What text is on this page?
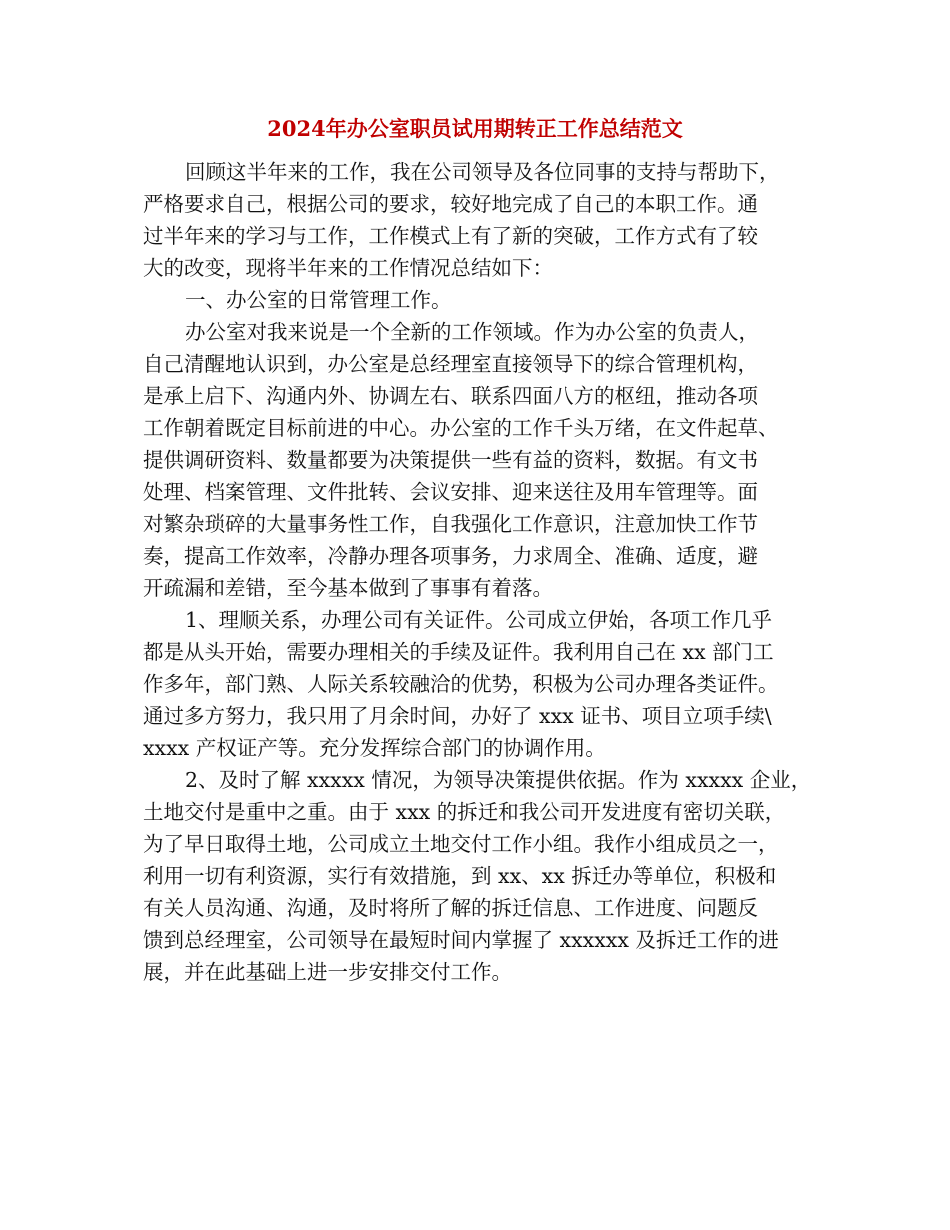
2024年办公室职员试用期转正工作总结范文
回顾这半年来的工作，我在公司领导及各位同事的支持与帮助下，
严格要求自己，根据公司的要求，较好地完成了自己的本职工作。通
过半年来的学习与工作，工作模式上有了新的突破，工作方式有了较
大的改变，现将半年来的工作情况总结如下：
一、办公室的日常管理工作。
办公室对我来说是一个全新的工作领域。作为办公室的负责人，
自己清醒地认识到，办公室是总经理室直接领导下的综合管理机构，
是承上启下、沟通内外、协调左右、联系四面八方的枢纽，推动各项
工作朝着既定目标前进的中心。办公室的工作千头万绪，在文件起草、
提供调研资料、数量都要为决策提供一些有益的资料，数据。有文书
处理、档案管理、文件批转、会议安排、迎来送往及用车管理等。面
对繁杂琐碎的大量事务性工作，自我强化工作意识，注意加快工作节
奏，提高工作效率，冷静办理各项事务，力求周全、准确、适度，避
开疏漏和差错，至今基本做到了事事有着落。
1、理顺关系，办理公司有关证件。公司成立伊始，各项工作几乎
都是从头开始，需要办理相关的手续及证件。我利用自己在 xx 部门工
作多年，部门熟、人际关系较融洽的优势，积极为公司办理各类证件。
通过多方努力，我只用了月余时间，办好了 xxx 证书、项目立项手续\
xxxx 产权证产等。充分发挥综合部门的协调作用。
2、及时了解 xxxxx 情况，为领导决策提供依据。作为 xxxxx 企业，
土地交付是重中之重。由于 xxx 的拆迁和我公司开发进度有密切关联，
为了早日取得土地，公司成立土地交付工作小组。我作小组成员之一，
利用一切有利资源，实行有效措施，到 xx、xx 拆迁办等单位，积极和
有关人员沟通、沟通，及时将所了解的拆迁信息、工作进度、问题反
馈到总经理室，公司领导在最短时间内掌握了 xxxxxx 及拆迁工作的进
展，并在此基础上进一步安排交付工作。
